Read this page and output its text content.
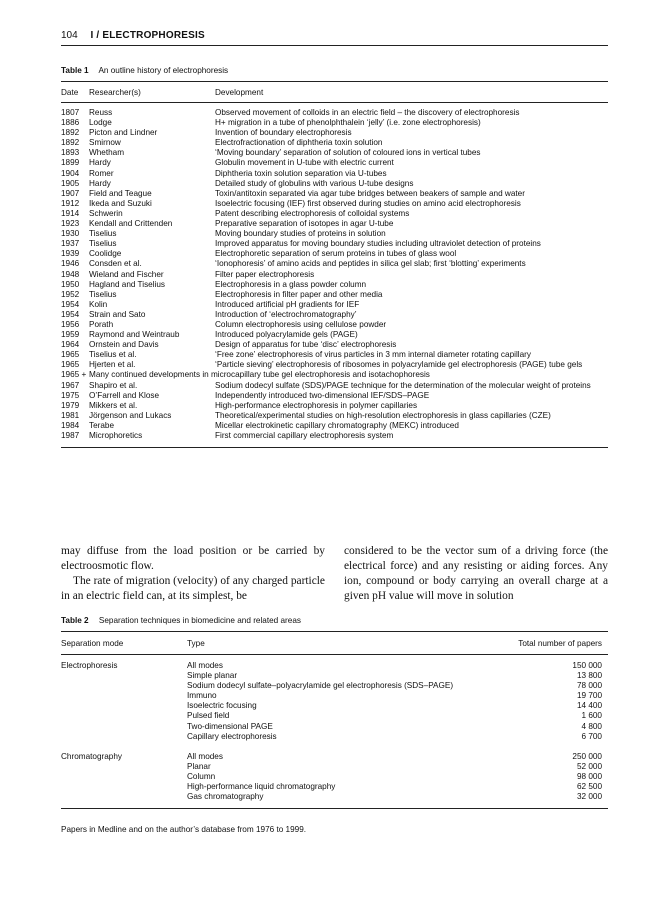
104 I / ELECTROPHORESIS
Table 1 An outline history of electrophoresis
Date	Researcher(s)	Development
1807	Reuss	Observed movement of colloids in an electric field – the discovery of electrophoresis
1886	Lodge	H+ migration in a tube of phenolphthalein ‘jelly’ (i.e. zone electrophoresis)
1892	Picton and Lindner	Invention of boundary electrophoresis
1892	Smirnow	Electrofractionation of diphtheria toxin solution
1893	Whetham	‘Moving boundary’ separation of solution of coloured ions in vertical tubes
1899	Hardy	Globulin movement in U-tube with electric current
1904	Romer	Diphtheria toxin solution separation via U-tubes
1905	Hardy	Detailed study of globulins with various U-tube designs
1907	Field and Teague	Toxin/antitoxin separated via agar tube bridges between beakers of sample and water
1912	Ikeda and Suzuki	Isoelectric focusing (IEF) first observed during studies on amino acid electrophoresis
1914	Schwerin	Patent describing electrophoresis of colloidal systems
1923	Kendall and Crittenden	Preparative separation of isotopes in agar U-tube
1930	Tiselius	Moving boundary studies of proteins in solution
1937	Tiselius	Improved apparatus for moving boundary studies including ultraviolet detection of proteins
1939	Coolidge	Electrophoretic separation of serum proteins in tubes of glass wool
1946	Consden et al.	‘Ionophoresis’ of amino acids and peptides in silica gel slab; first ‘blotting’ experiments
1948	Wieland and Fischer	Filter paper electrophoresis
1950	Hagland and Tiselius	Electrophoresis in a glass powder column
1952	Tiselius	Electrophoresis in filter paper and other media
1954	Kolin	Introduced artificial pH gradients for IEF
1954	Strain and Sato	Introduction of ‘electrochromatography’
1956	Porath	Column electrophoresis using cellulose powder
1959	Raymond and Weintraub	Introduced polyacrylamide gels (PAGE)
1964	Ornstein and Davis	Design of apparatus for tube ‘disc’ electrophoresis
1965	Tiselius et al.	‘Free zone’ electrophoresis of virus particles in 3 mm internal diameter rotating capillary
1965	Hjerten et al.	‘Particle sieving’ electrophoresis of ribosomes in polyacrylamide gel electrophoresis (PAGE) tube gels
1965 +	Many continued developments in microcapillary tube gel electrophoresis and isotachophoresis	
1967	Shapiro et al.	Sodium dodecyl sulfate (SDS)/PAGE technique for the determination of the molecular weight of proteins
1975	O’Farrell and Klose	Independently introduced two-dimensional IEF/SDS–PAGE
1979	Mikkers et al.	High-performance electrophoresis in polymer capillaries
1981	Jörgenson and Lukacs	Theoretical/experimental studies on high-resolution electrophoresis in glass capillaries (CZE)
1984	Terabe	Micellar electrokinetic capillary chromatography (MEKC) introduced
1987	Microphoretics	First commercial capillary electrophoresis system

may diffuse from the load position or be carried by electroosmotic flow.

The rate of migration (velocity) of any charged particle in an electric field can, at its simplest, be

considered to be the vector sum of a driving force (the electrical force) and any resisting or aiding forces. Any ion, compound or body carrying an overall charge at a given pH value will move in solution

Table 2 Separation techniques in biomedicine and related areas
Separation mode	Type	Total number of papers
Electrophoresis	All modes	150 000
	Simple planar	13 800
	Sodium dodecyl sulfate–polyacrylamide gel electrophoresis (SDS–PAGE)	78 000
	Immuno	19 700
	Isoelectric focusing	14 400
	Pulsed field	1 600
	Two-dimensional PAGE	4 800
	Capillary electrophoresis	6 700
Chromatography	All modes	250 000
	Planar	52 000
	Column	98 000
	High-performance liquid chromatography	62 500
	Gas chromatography	32 000
Papers in Medline and on the author’s database from 1976 to 1999.
